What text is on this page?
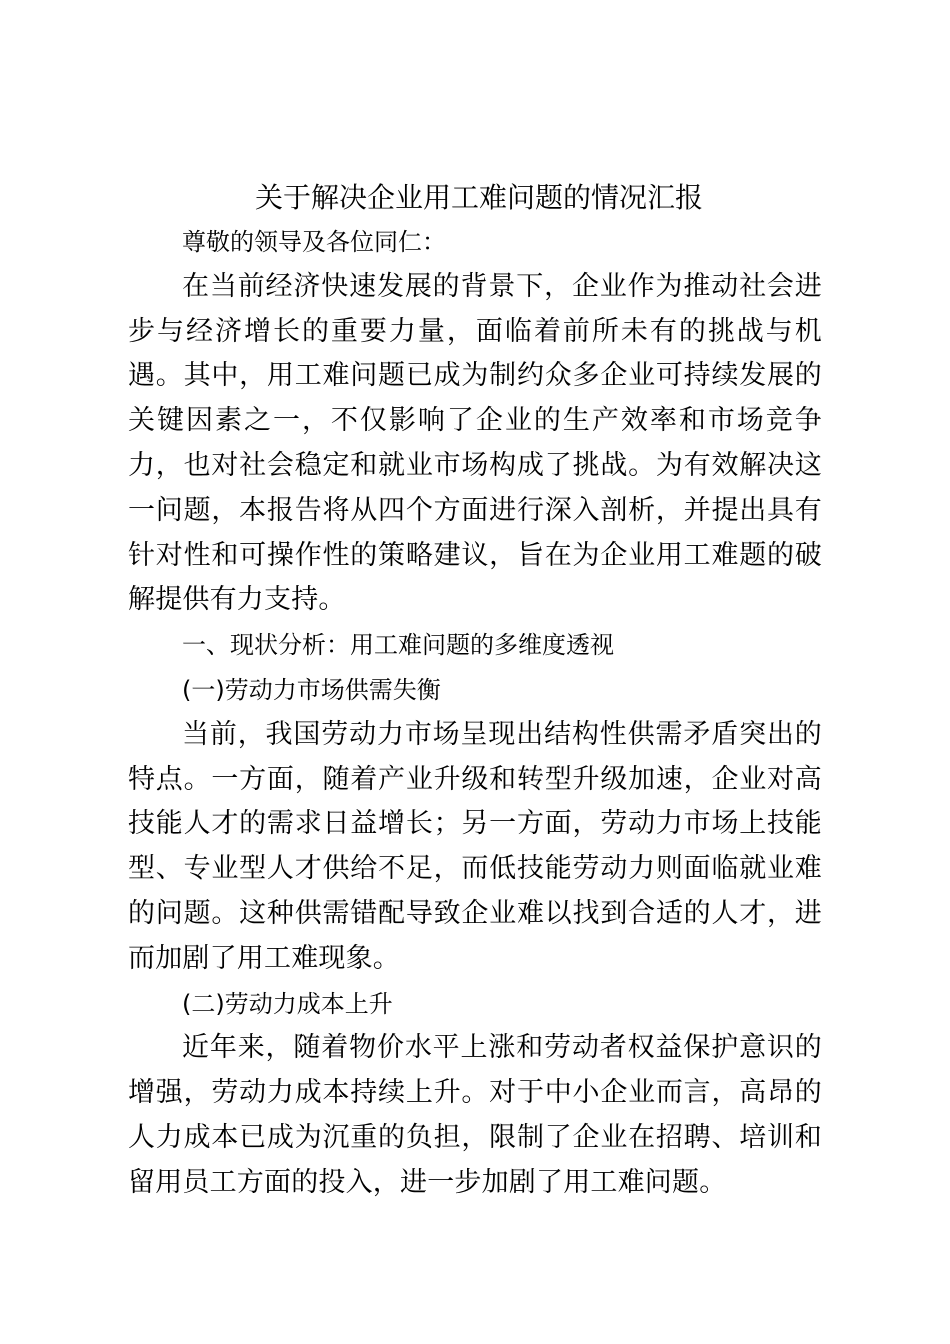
关于解决企业用工难问题的情况汇报
尊敬的领导及各位同仁：

在当前经济快速发展的背景下，企业作为推动社会进步与经济增长的重要力量，面临着前所未有的挑战与机遇。其中，用工难问题已成为制约众多企业可持续发展的关键因素之一，不仅影响了企业的生产效率和市场竞争力，也对社会稳定和就业市场构成了挑战。为有效解决这一问题，本报告将从四个方面进行深入剖析，并提出具有针对性和可操作性的策略建议，旨在为企业用工难题的破解提供有力支持。

一、现状分析：用工难问题的多维度透视
(一)劳动力市场供需失衡

当前，我国劳动力市场呈现出结构性供需矛盾突出的特点。一方面，随着产业升级和转型升级加速，企业对高技能人才的需求日益增长；另一方面，劳动力市场上技能型、专业型人才供给不足，而低技能劳动力则面临就业难的问题。这种供需错配导致企业难以找到合适的人才，进而加剧了用工难现象。

(二)劳动力成本上升

近年来，随着物价水平上涨和劳动者权益保护意识的增强，劳动力成本持续上升。对于中小企业而言，高昂的人力成本已成为沉重的负担，限制了企业在招聘、培训和留用员工方面的投入，进一步加剧了用工难问题。
